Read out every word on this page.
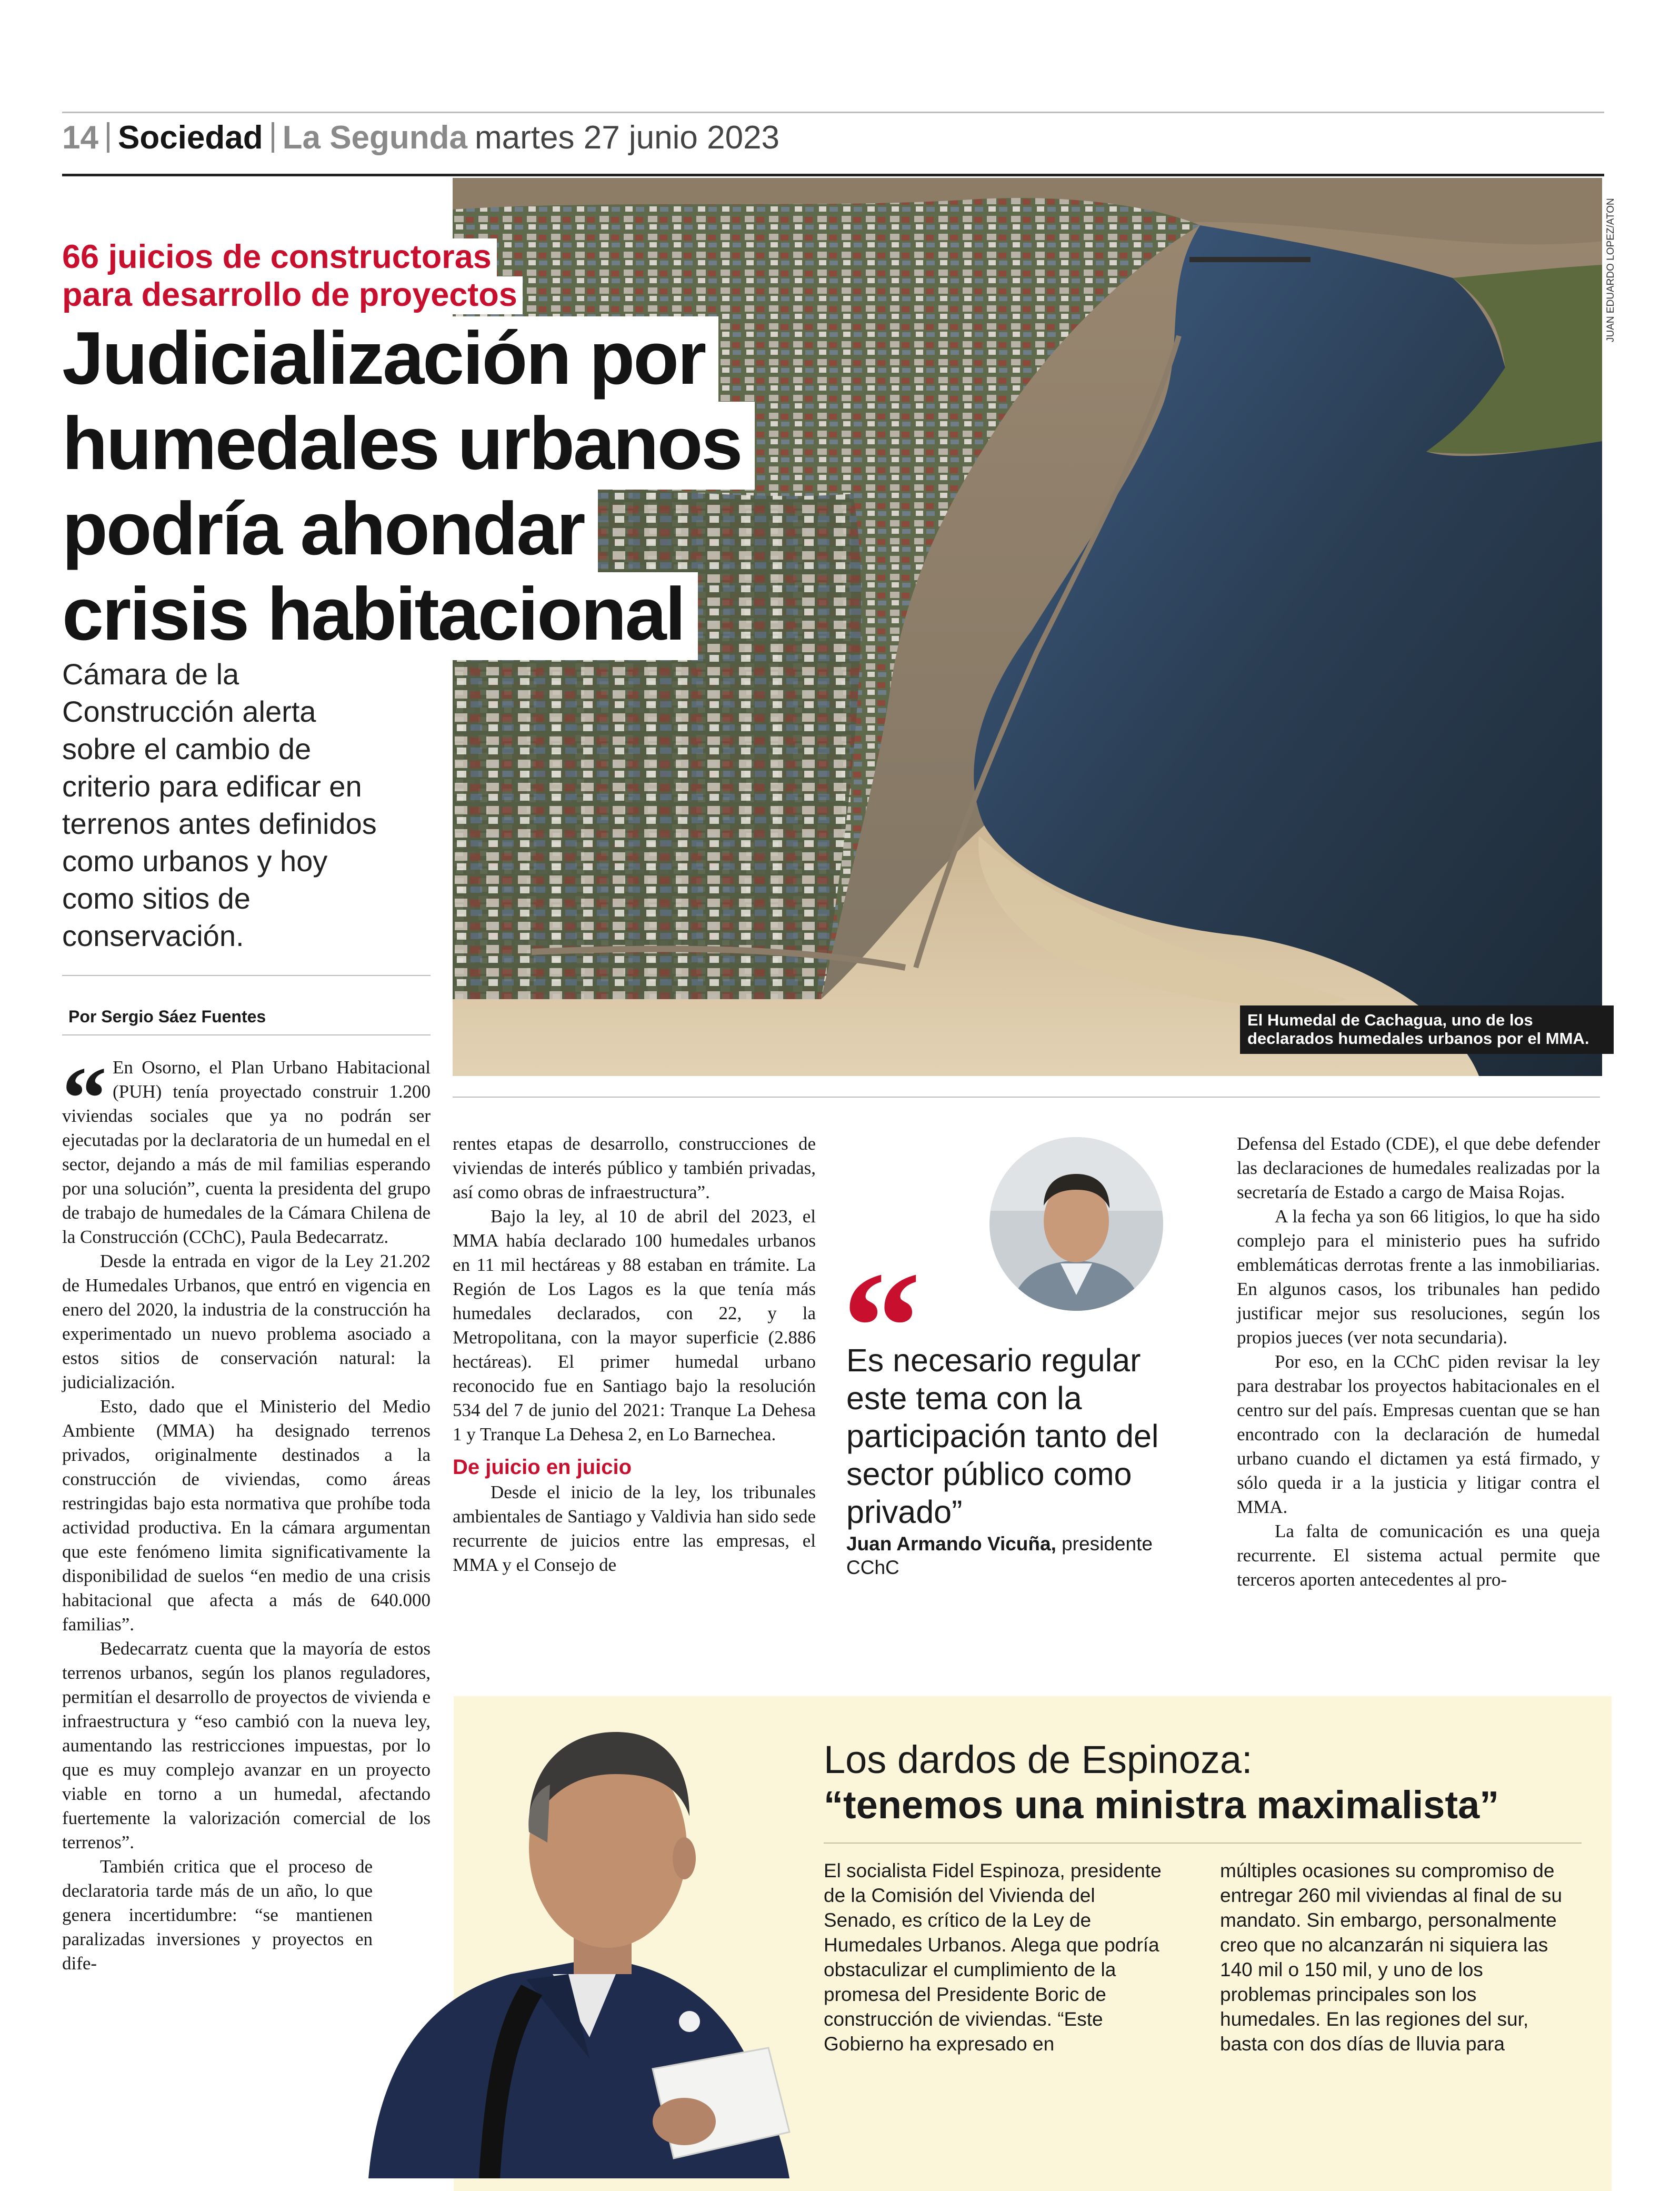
14 Sociedad La Segunda martes 27 junio 2023
JUAN EDUARDO LOPEZ/ATON
El Humedal de Cachagua, uno de los declarados humedales urbanos por el MMA.
66 juicios de constructoras
para desarrollo de proyectos
Judicialización por
humedales urbanos
podría ahondar
crisis habitacional
Cámara de la
Construcción alerta
sobre el cambio de
criterio para edificar en
terrenos antes definidos
como urbanos y hoy
como sitios de
conservación.
Por Sergio Sáez Fuentes
“ En Osorno, el Plan Urbano Habitacional (PUH) tenía proyectado construir 1.200 viviendas sociales que ya no podrán ser ejecutadas por la declaratoria de un humedal en el sector, dejando a más de mil familias esperando por una solución”, cuenta la presidenta del grupo de trabajo de humedales de la Cámara Chilena de la Construcción (CChC), Paula Bedecarratz.

Desde la entrada en vigor de la Ley 21.202 de Humedales Urbanos, que entró en vigencia en enero del 2020, la industria de la construcción ha experimentado un nuevo problema asociado a estos sitios de conservación natural: la judicialización.

Esto, dado que el Ministerio del Medio Ambiente (MMA) ha designado terrenos privados, originalmente destinados a la construcción de viviendas, como áreas restringidas bajo esta normativa que prohíbe toda actividad productiva. En la cámara argumentan que este fenómeno limita significativamente la disponibilidad de suelos “en medio de una crisis habitacional que afecta a más de 640.000 familias”.

Bedecarratz cuenta que la mayoría de estos terrenos urbanos, según los planos reguladores, permitían el desarrollo de proyectos de vivienda e infraestructura y “eso cambió con la nueva ley, aumentando las restricciones impuestas, por lo que es muy complejo avanzar en un proyecto viable en torno a un humedal, afectando fuertemente la valorización comercial de los terrenos”.

También critica que el proceso de declaratoria tarde más de un año, lo que genera incertidumbre: “se mantienen paralizadas inversiones y proyectos en dife-

rentes etapas de desarrollo, construcciones de viviendas de interés público y también privadas, así como obras de infraestructura”.

Bajo la ley, al 10 de abril del 2023, el MMA había declarado 100 humedales urbanos en 11 mil hectáreas y 88 estaban en trámite. La Región de Los Lagos es la que tenía más humedales declarados, con 22, y la Metropolitana, con la mayor superficie (2.886 hectáreas). El primer humedal urbano reconocido fue en Santiago bajo la resolución 534 del 7 de junio del 2021: Tranque La Dehesa 1 y Tranque La Dehesa 2, en Lo Barnechea.

De juicio en juicio

Desde el inicio de la ley, los tribunales ambientales de Santiago y Valdivia han sido sede recurrente de juicios entre las empresas, el MMA y el Consejo de

“
Es necesario regular este tema con la participación tanto del sector público como privado”
Juan Armando Vicuña, presidente CChC

Defensa del Estado (CDE), el que debe defender las declaraciones de humedales realizadas por la secretaría de Estado a cargo de Maisa Rojas.

A la fecha ya son 66 litigios, lo que ha sido complejo para el ministerio pues ha sufrido emblemáticas derrotas frente a las inmobiliarias. En algunos casos, los tribunales han pedido justificar mejor sus resoluciones, según los propios jueces (ver nota secundaria).

Por eso, en la CChC piden revisar la ley para destrabar los proyectos habitacionales en el centro sur del país. Empresas cuentan que se han encontrado con la declaración de humedal urbano cuando el dictamen ya está firmado, y sólo queda ir a la justicia y litigar contra el MMA.

La falta de comunicación es una queja recurrente. El sistema actual permite que terceros aporten antecedentes al pro-

Los dardos de Espinoza:
“tenemos una ministra maximalista”
El socialista Fidel Espinoza, presidente de la Comisión del Vivienda del Senado, es crítico de la Ley de Humedales Urbanos. Alega que podría obstaculizar el cumplimiento de la promesa del Presidente Boric de construcción de viviendas. “Este Gobierno ha expresado en
múltiples ocasiones su compromiso de entregar 260 mil viviendas al final de su mandato. Sin embargo, personalmente creo que no alcanzarán ni siquiera las 140 mil o 150 mil, y uno de los problemas principales son los humedales. En las regiones del sur, basta con dos días de lluvia para
